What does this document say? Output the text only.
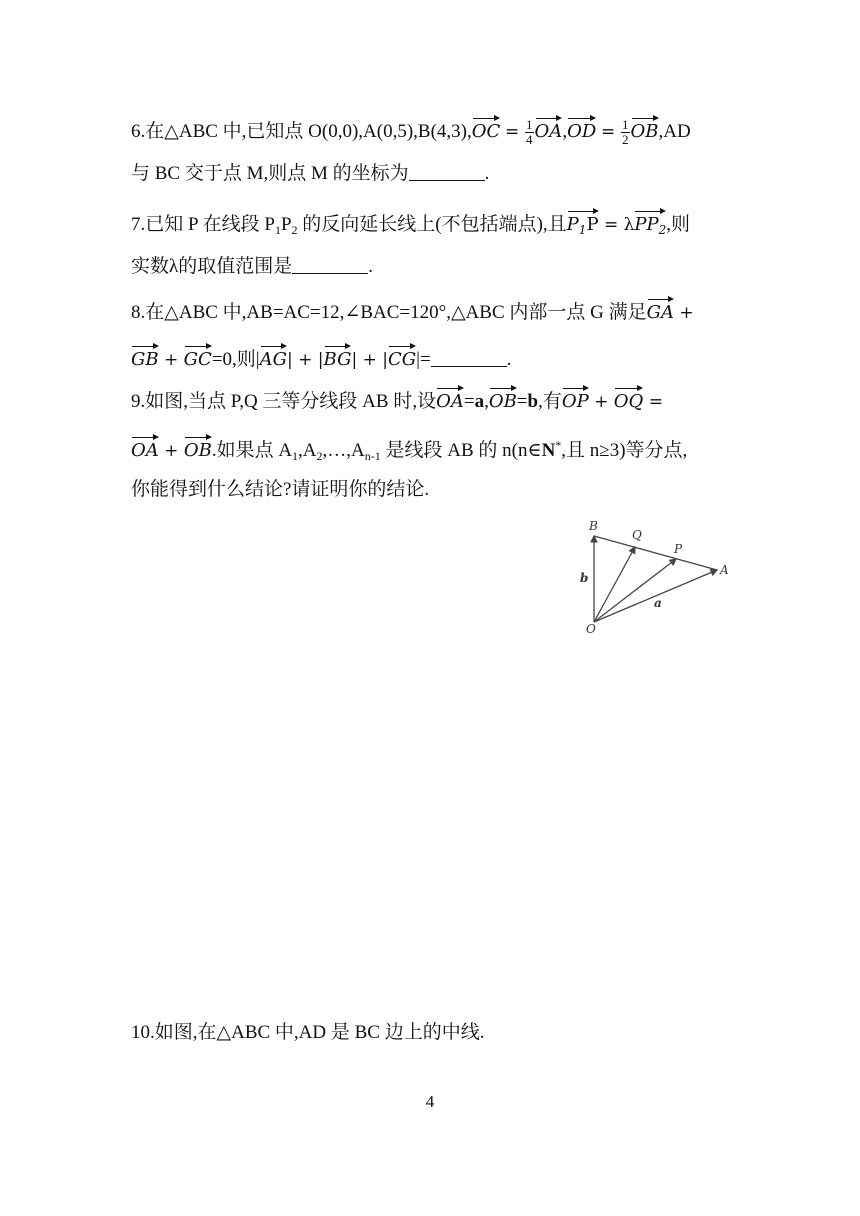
6.在△ABC 中,已知点 $O(0,0),A(0,5),B(4,3),OC = \frac{1}{4} OA,OD = \frac{1}{2} OB,AD$
与 BC 交于点 M,则点 M 的坐标为	.
7.已知 P 在线段 $P_1P_2$ 的反向延长线上(不包括端点),且$P_1P = \lambda PP_2$,则
实数λ的取值范围是	.
8.在△ABC 中,AB=AC=12,∠BAC=120°,△ABC 内部一点 G 满足GA +
GB + GC=0,则|AG| + |BG| + |CG|=	.
9.如图,当点 P,Q 三等分线段 AB 时,设OA=a,OB=b,有OP + OQ =
OA + OB.如果点 $A_1,A_2,\dots,A_{n-1}$ 是线段 AB 的 n(n∈N*,且 n≥3)等分点,
你能得到什么结论?请证明你的结论.
B
Q
P
A
O
b
a
10.如图,在△ABC 中,AD 是 BC 边上的中线.
4
